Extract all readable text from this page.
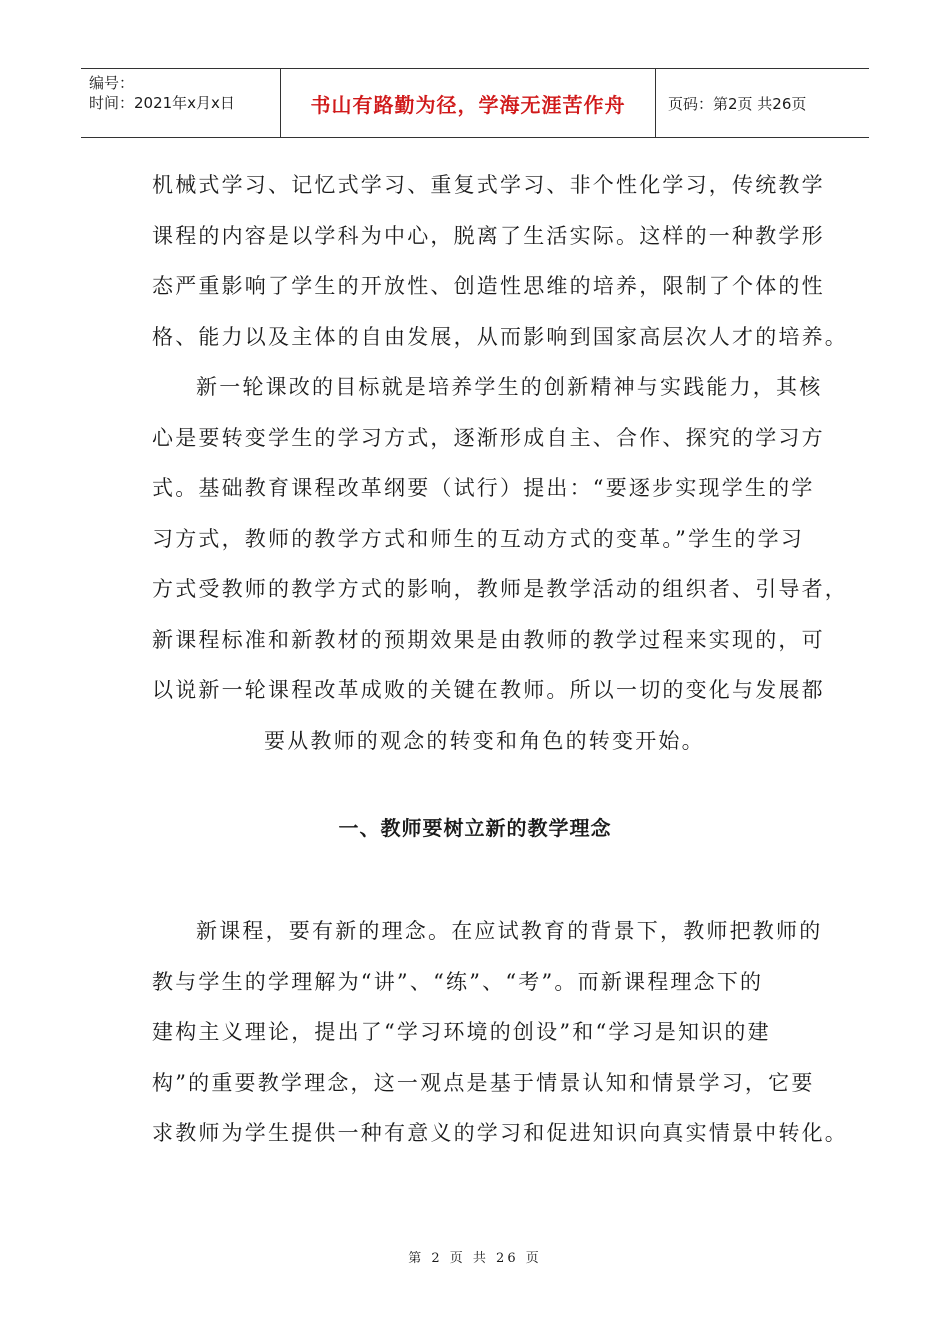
编号：
时间：2021年x月x日	书山有路勤为径，学海无涯苦作舟	页码：第2页 共26页
机械式学习、记忆式学习、重复式学习、非个性化学习，传统教学
课程的内容是以学科为中心，脱离了生活实际。这样的一种教学形
态严重影响了学生的开放性、创造性思维的培养，限制了个体的性
格、能力以及主体的自由发展，从而影响到国家高层次人才的培养。
新一轮课改的目标就是培养学生的创新精神与实践能力，其核
心是要转变学生的学习方式，逐渐形成自主、合作、探究的学习方
式。基础教育课程改革纲要（试行）提出：“要逐步实现学生的学
习方式，教师的教学方式和师生的互动方式的变革。”学生的学习
方式受教师的教学方式的影响，教师是教学活动的组织者、引导者，
新课程标准和新教材的预期效果是由教师的教学过程来实现的，可
以说新一轮课程改革成败的关键在教师。所以一切的变化与发展都
要从教师的观念的转变和角色的转变开始。
一、教师要树立新的教学理念
新课程，要有新的理念。在应试教育的背景下，教师把教师的
教与学生的学理解为“讲”、“练”、“考”。而新课程理念下的
建构主义理论，提出了“学习环境的创设”和“学习是知识的建
构”的重要教学理念，这一观点是基于情景认知和情景学习，它要
求教师为学生提供一种有意义的学习和促进知识向真实情景中转化。
第 2 页 共 26 页
